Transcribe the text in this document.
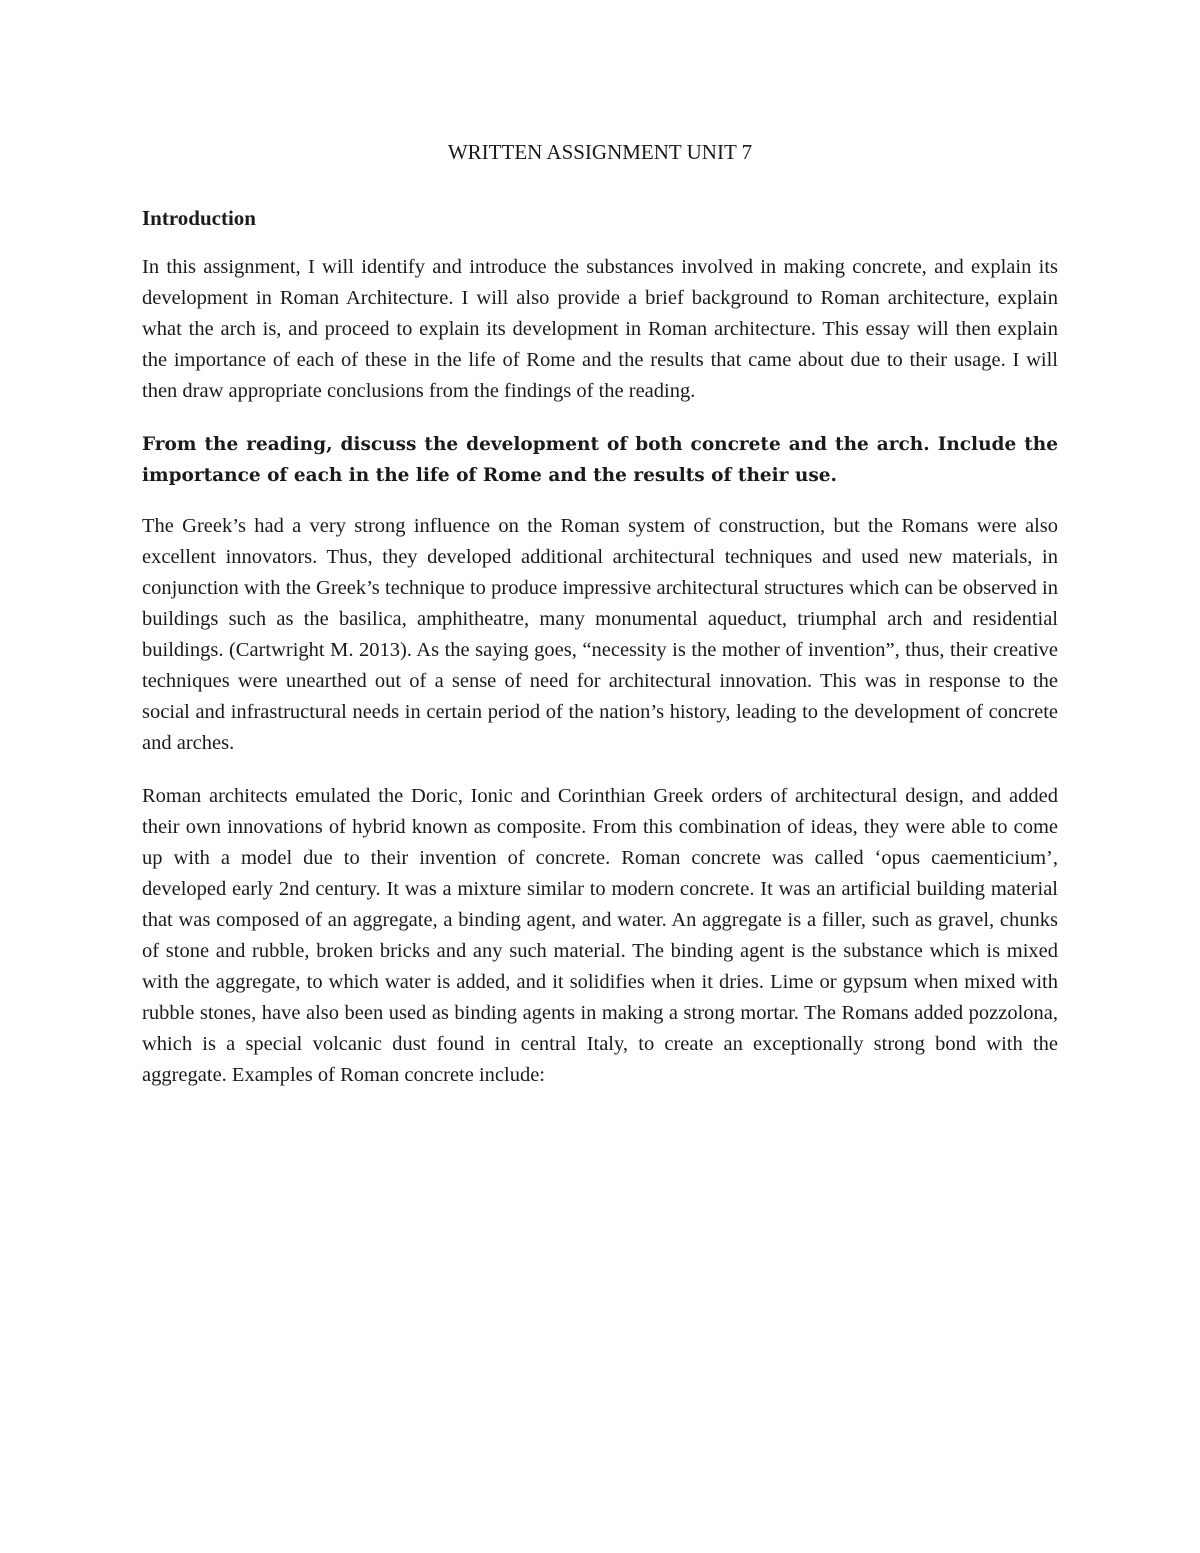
WRITTEN ASSIGNMENT UNIT 7
Introduction

In this assignment, I will identify and introduce the substances involved in making concrete, and explain its development in Roman Architecture. I will also provide a brief background to Roman architecture, explain what the arch is, and proceed to explain its development in Roman architecture. This essay will then explain the importance of each of these in the life of Rome and the results that came about due to their usage. I will then draw appropriate conclusions from the findings of the reading.

From the reading, discuss the development of both concrete and the arch. Include the importance of each in the life of Rome and the results of their use.

The Greek’s had a very strong influence on the Roman system of construction, but the Romans were also excellent innovators. Thus, they developed additional architectural techniques and used new materials, in conjunction with the Greek’s technique to produce impressive architectural structures which can be observed in buildings such as the basilica, amphitheatre, many monumental aqueduct, triumphal arch and residential buildings. (Cartwright M. 2013). As the saying goes, “necessity is the mother of invention”, thus, their creative techniques were unearthed out of a sense of need for architectural innovation. This was in response to the social and infrastructural needs in certain period of the nation’s history, leading to the development of concrete and arches.

Roman architects emulated the Doric, Ionic and Corinthian Greek orders of architectural design, and added their own innovations of hybrid known as composite. From this combination of ideas, they were able to come up with a model due to their invention of concrete. Roman concrete was called ‘opus caementicium’, developed early 2nd century. It was a mixture similar to modern concrete. It was an artificial building material that was composed of an aggregate, a binding agent, and water. An aggregate is a filler, such as gravel, chunks of stone and rubble, broken bricks and any such material. The binding agent is the substance which is mixed with the aggregate, to which water is added, and it solidifies when it dries. Lime or gypsum when mixed with rubble stones, have also been used as binding agents in making a strong mortar. The Romans added pozzolona, which is a special volcanic dust found in central Italy, to create an exceptionally strong bond with the aggregate. Examples of Roman concrete include:
